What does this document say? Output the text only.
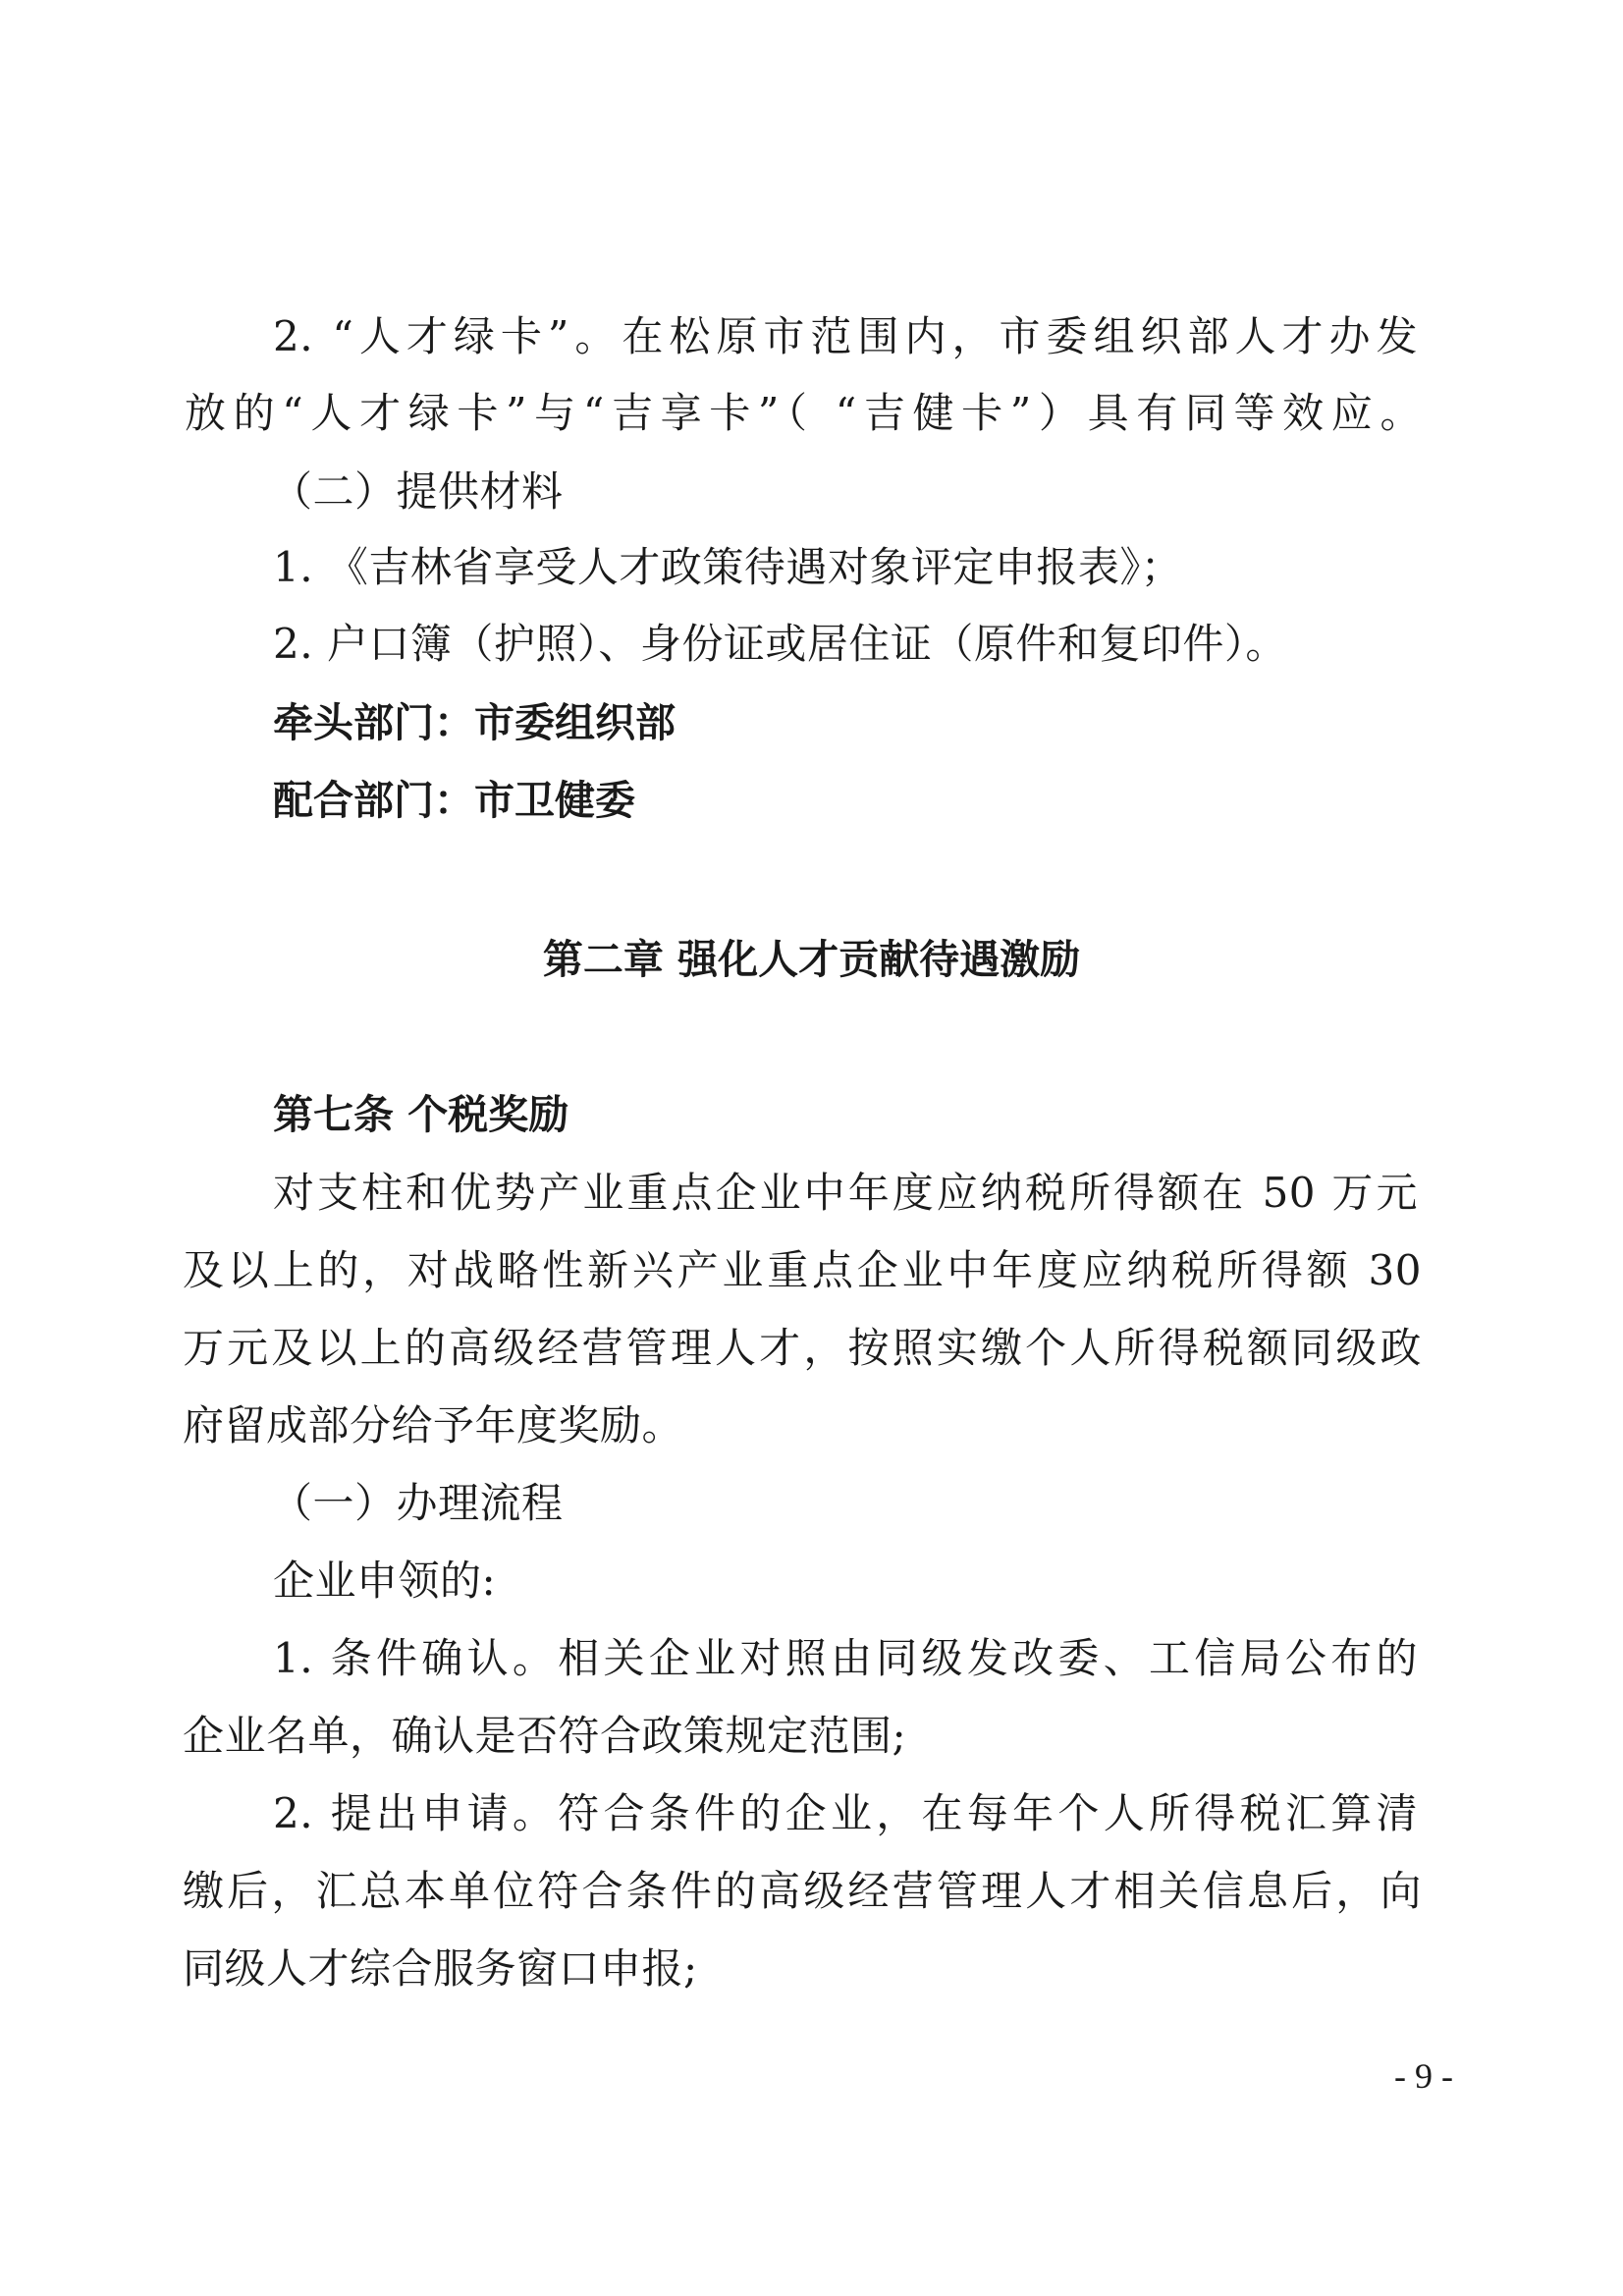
2. “人才绿卡”。在松原市范围内，市委组织部人才办发
放的“人才绿卡”与“吉享卡”（ “吉健卡”）具有同等效应。
（二）提供材料
1. 《吉林省享受人才政策待遇对象评定申报表》；
2. 户口簿（护照）、身份证或居住证（原件和复印件）。
牵头部门：市委组织部
配合部门：市卫健委
第二章 强化人才贡献待遇激励
第七条 个税奖励
对支柱和优势产业重点企业中年度应纳税所得额在 50 万元
及以上的，对战略性新兴产业重点企业中年度应纳税所得额 30
万元及以上的高级经营管理人才，按照实缴个人所得税额同级政
府留成部分给予年度奖励。
（一）办理流程
企业申领的:
1. 条件确认。相关企业对照由同级发改委、工信局公布的
企业名单，确认是否符合政策规定范围;
2. 提出申请。符合条件的企业，在每年个人所得税汇算清
缴后，汇总本单位符合条件的高级经营管理人才相关信息后，向
同级人才综合服务窗口申报;
- 9 -
